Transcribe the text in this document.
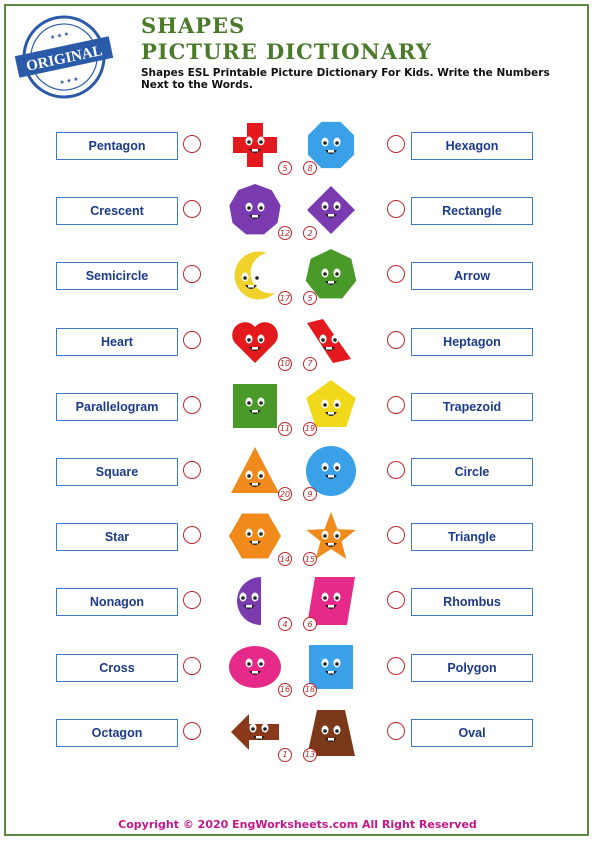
ORIGINAL
★ ★ ★
★ ★ ★
SHAPES
PICTURE DICTIONARY
Shapes ESL Printable Picture Dictionary For Kids. Write the Numbers Next to the Words.
Pentagon
5	8
Hexagon
Crescent
12	2
Rectangle
Semicircle
17	5
Arrow
Heart
10	7
Heptagon
Parallelogram
11 19
Trapezoid
Square
20	9
Circle
Star
14 15
Triangle
Nonagon
4	6
Rhombus
Cross
16 18
Polygon
Octagon
1	13
Oval
Copyright © 2020 EngWorksheets.com All Right Reserved
